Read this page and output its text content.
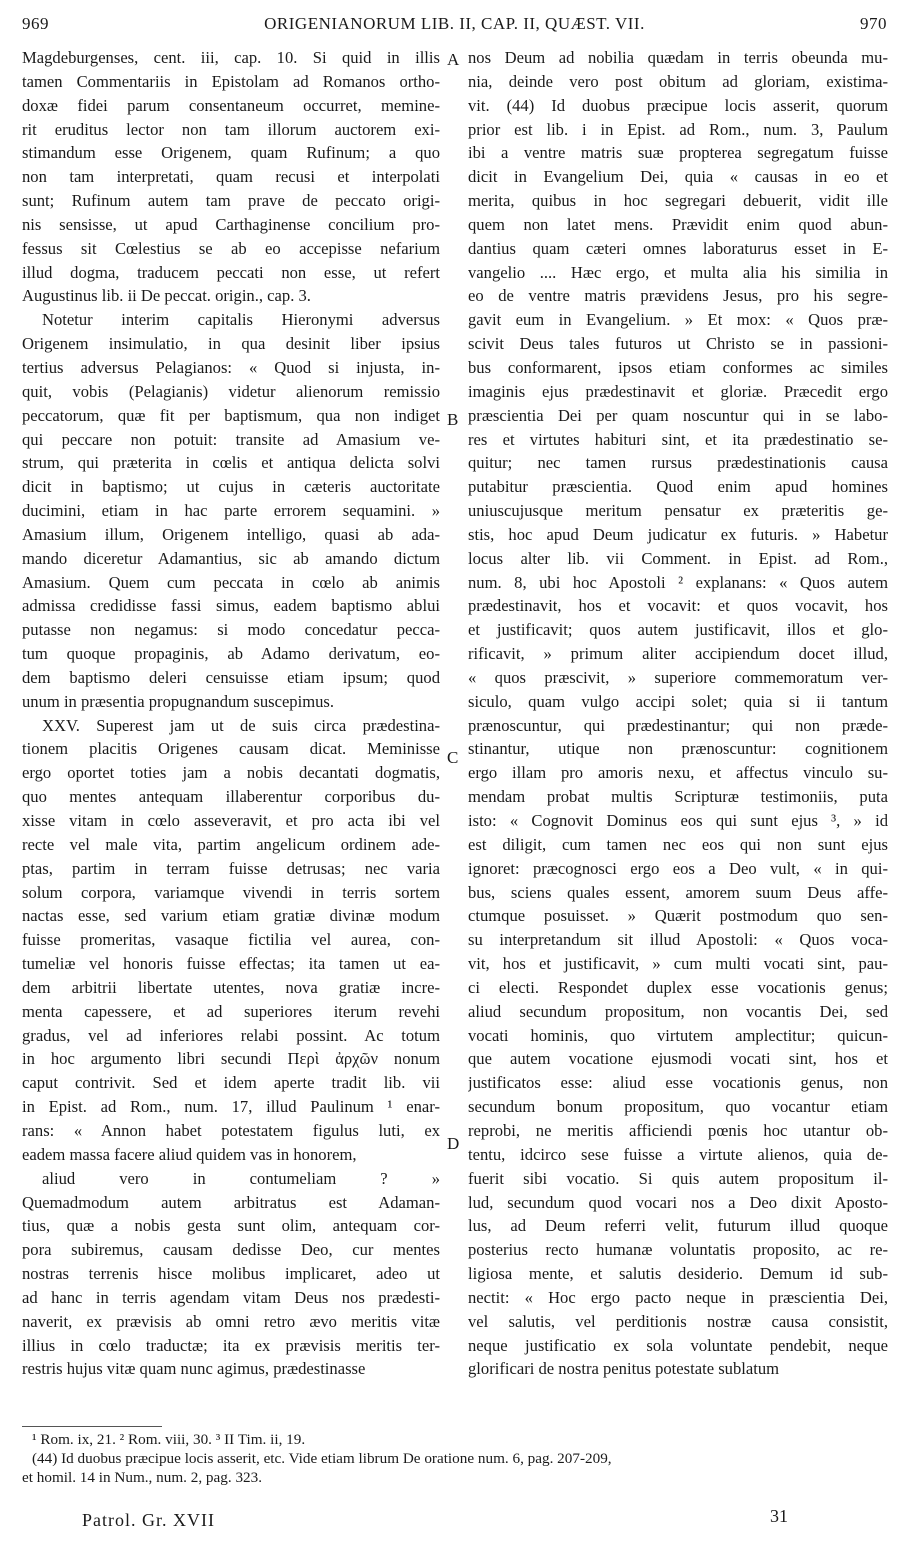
969	ORIGENIANORUM LIB. II, CAP. II, QUÆST. VII.	970
Magdeburgenses, cent. iii, cap. 10. Si quid in illis
tamen Commentariis in Epistolam ad Romanos ortho-
doxæ fidei parum consentaneum occurret, meminе-
rit eruditus lector non tam illorum auctorem exi-
stimandum esse Origenem, quam Rufinum; a quo
non tam interpretati, quam recusi et interpolati
sunt; Rufinum autem tam prave de peccato origi-
nis sensisse, ut apud Carthaginense concilium pro-
fessus sit Cœlestius se ab eo accepisse nefarium
illud dogma, traducem peccati non esse, ut refert
Augustinus lib. ii De peccat. origin., cap. 3.
Notetur interim capitalis Hieronymi adversus
Origenem insimulatio, in qua desinit liber ipsius
tertius adversus Pelagianos: « Quod si injusta, in-
quit, vobis (Pelagianis) videtur alienorum remissio
peccatorum, quæ fit per baptismum, qua non indiget
qui peccare non potuit: transite ad Amasium ve-
strum, qui præterita in cœlis et antiqua delicta solvi
dicit in baptismo; ut cujus in cæteris auctoritate
ducimini, etiam in hac parte errorem sequamini. »
Amasium illum, Origenem intelligo, quasi ab ada-
mando diceretur Adamantius, sic ab amando dictum
Amasium. Quem cum peccata in cœlo ab animis
admissa credidisse fassi simus, eadem baptismo ablui
putasse non negamus: si modo concedatur pecca-
tum quoque propaginis, ab Adamo derivatum, eo-
dem baptismo deleri censuisse etiam ipsum; quod
unum in præsentia propugnandum suscepimus.
XXV. Superest jam ut de suis circa prædestina-
tionem placitis Origenes causam dicat. Meminisse
ergo oportet toties jam a nobis decantati dogmatis,
quo mentes antequam illaberentur corporibus du-
xisse vitam in cœlo asseveravit, et pro acta ibi vel
recte vel male vita, partim angelicum ordinem ade-
ptas, partim in terram fuisse detrusas; nec varia
solum corpora, variamque vivendi in terris sortem
nactas esse, sed varium etiam gratiæ divinæ modum
fuisse promeritas, vasaque fictilia vel aurea, con-
tumeliæ vel honoris fuisse effectas; ita tamen ut ea-
dem arbitrii libertate utentes, nova gratiæ incre-
menta capessere, et ad superiores iterum revehi
gradus, vel ad inferiores relabi possint. Ac totum
in hoc argumento libri secundi Περὶ ἀρχῶν nonum
caput contrivit. Sed et idem aperte tradit lib. vii
in Epist. ad Rom., num. 17, illud Paulinum ¹ enar-
rans: « Annon habet potestatem figulus luti, ex
eadem massa facere aliud quidem vas in honorem,
aliud vero in contumeliam ? »
Quemadmodum autem arbitratus est Adaman-
tius, quæ a nobis gesta sunt olim, antequam cor-
pora subiremus, causam dedisse Deo, cur mentes
nostras terrenis hisce molibus implicaret, adeo ut
ad hanc in terris agendam vitam Deus nos prædesti-
naverit, ex prævisis ab omni retro ævo meritis vitæ
illius in cœlo traductæ; ita ex prævisis meritis ter-
restris hujus vitæ quam nunc agimus, prædestinasse
nos Deum ad nobilia quædam in terris obeunda mu-
nia, deinde vero post obitum ad gloriam, existima-
vit. (44) Id duobus præcipue locis asserit, quorum
prior est lib. i in Epist. ad Rom., num. 3, Paulum
ibi a ventre matris suæ propterea segregatum fuisse
dicit in Evangelium Dei, quia « causas in eo et
merita, quibus in hoc segregari debuerit, vidit ille
quem non latet mens. Prævidit enim quod abun-
dantius quam cæteri omnes laboraturus esset in E-
vangelio .... Hæc ergo, et multa alia his similia in
eo de ventre matris prævidens Jesus, pro his segre-
gavit eum in Evangelium. » Et mox: « Quos præ-
scivit Deus tales futuros ut Christo se in passioni-
bus conformarent, ipsos etiam conformes ac similes
imaginis ejus prædestinavit et gloriæ. Præcedit ergo
præscientia Dei per quam noscuntur qui in se labo-
res et virtutes habituri sint, et ita prædestinatio se-
quitur; nec tamen rursus prædestinationis causa
putabitur præscientia. Quod enim apud homines
uniuscujusque meritum pensatur ex præteritis ge-
stis, hoc apud Deum judicatur ex futuris. » Habetur
locus alter lib. vii Comment. in Epist. ad Rom.,
num. 8, ubi hoc Apostoli ² explanans: « Quos autem
prædestinavit, hos et vocavit: et quos vocavit, hos
et justificavit; quos autem justificavit, illos et glo-
rificavit, » primum aliter accipiendum docet illud,
« quos præscivit, » superiore commemoratum ver-
siculo, quam vulgo accipi solet; quia si ii tantum
prænoscuntur, qui prædestinantur; qui non præde-
stinantur, utique non prænoscuntur: cognitionem
ergo illam pro amoris nexu, et affectus vinculo su-
mendam probat multis Scripturæ testimoniis, puta
isto: « Cognovit Dominus eos qui sunt ejus ³, » id
est diligit, cum tamen nec eos qui non sunt ejus
ignoret: præcognosci ergo eos a Deo vult, « in qui-
bus, sciens quales essent, amorem suum Deus affe-
ctumque posuisset. » Quærit postmodum quo sen-
su interpretandum sit illud Apostoli: « Quos voca-
vit, hos et justificavit, » cum multi vocati sint, pau-
ci electi. Respondet duplex esse vocationis genus;
aliud secundum propositum, non vocantis Dei, sed
vocati hominis, quo virtutem amplectitur; quicun-
que autem vocatione ejusmodi vocati sint, hos et
justificatos esse: aliud esse vocationis genus, non
secundum bonum propositum, quo vocantur etiam
reprobi, ne meritis afficiendi pœnis hoc utantur ob-
tentu, idcirco sese fuisse a virtute alienos, quia de-
fuerit sibi vocatio. Si quis autem propositum il-
lud, secundum quod vocari nos a Deo dixit Aposto-
lus, ad Deum referri velit, futurum illud quoque
posterius recto humanæ voluntatis proposito, ac re-
ligiosa mente, et salutis desiderio. Demum id sub-
nectit: « Hoc ergo pacto neque in præscientia Dei,
vel salutis, vel perditionis nostræ causa consistit,
neque justificatio ex sola voluntate pendebit, neque
glorificari de nostra penitus potestate sublatum
A
B
C
D
¹ Rom. ix, 21. ² Rom. viii, 30. ³ II Tim. ii, 19.
(44) Id duobus præcipue locis asserit, etc. Vide etiam librum De oratione num. 6, pag. 207-209,
et homil. 14 in Num., num. 2, pag. 323.
Patrol. Gr. XVII	31
